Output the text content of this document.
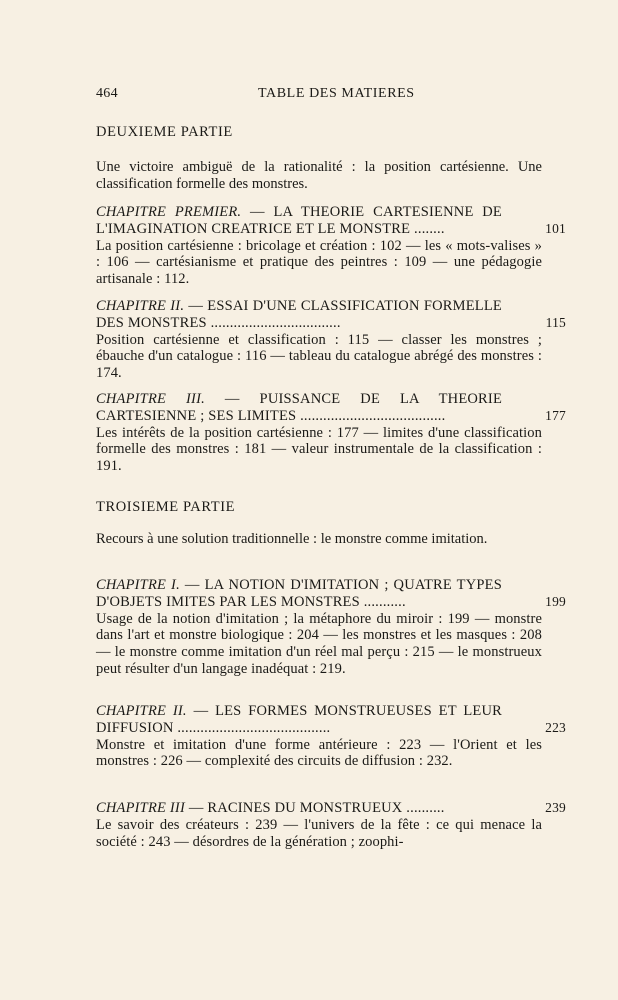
464	TABLE DES MATIERES
DEUXIEME PARTIE
Une victoire ambiguë de la rationalité : la position cartésienne. Une classification formelle des monstres.
CHAPITRE PREMIER. — LA THEORIE CARTESIENNE DE L'IMAGINATION CREATRICE ET LE MONSTRE ........	101
La position cartésienne : bricolage et création : 102 — les « mots-valises » : 106 — cartésianisme et pratique des peintres : 109 — une pédagogie artisanale : 112.
CHAPITRE II. — ESSAI D'UNE CLASSIFICATION FORMELLE DES MONSTRES ..................................	115
Position cartésienne et classification : 115 — classer les monstres ; ébauche d'un catalogue : 116 — tableau du catalogue abrégé des monstres : 174.
CHAPITRE III. — PUISSANCE DE LA THEORIE CARTESIENNE ; SES LIMITES ......................................	177
Les intérêts de la position cartésienne : 177 — limites d'une classification formelle des monstres : 181 — valeur instrumentale de la classification : 191.
TROISIEME PARTIE
Recours à une solution traditionnelle : le monstre comme imitation.
CHAPITRE I. — LA NOTION D'IMITATION ; QUATRE TYPES D'OBJETS IMITES PAR LES MONSTRES ...........	199
Usage de la notion d'imitation ; la métaphore du miroir : 199 — monstre dans l'art et monstre biologique : 204 — les monstres et les masques : 208 — le monstre comme imitation d'un réel mal perçu : 215 — le monstrueux peut résulter d'un langage inadéquat : 219.
CHAPITRE II. — LES FORMES MONSTRUEUSES ET LEUR DIFFUSION ........................................	223
Monstre et imitation d'une forme antérieure : 223 — l'Orient et les monstres : 226 — complexité des circuits de diffusion : 232.
CHAPITRE III — RACINES DU MONSTRUEUX ..........	239
Le savoir des créateurs : 239 — l'univers de la fête : ce qui menace la société : 243 — désordres de la génération ; zoophi-
